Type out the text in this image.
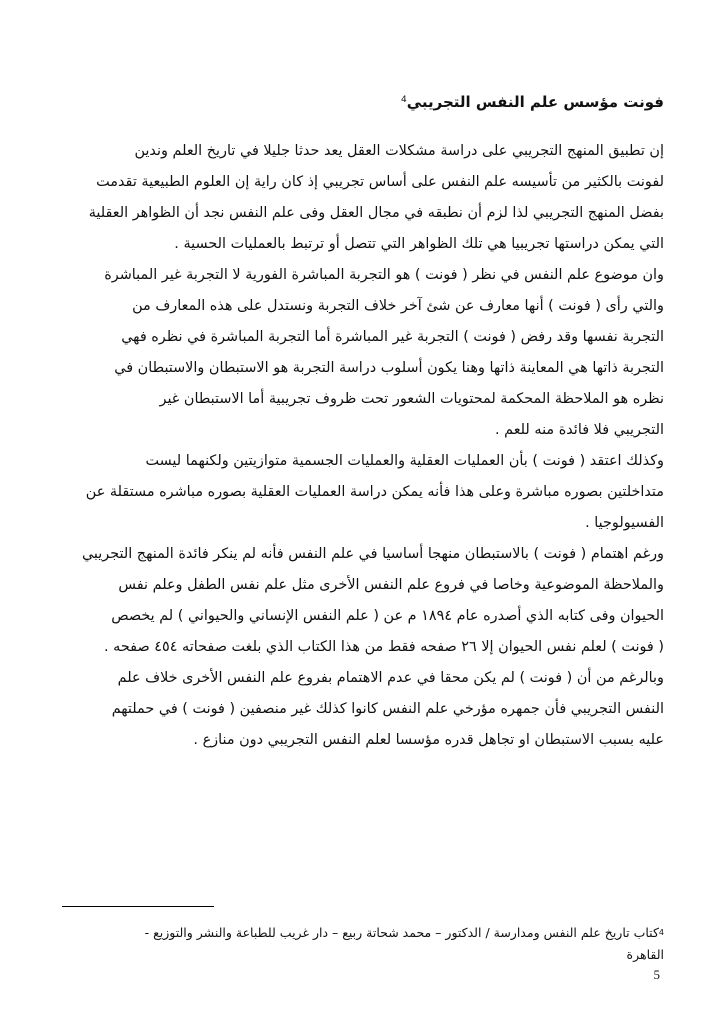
فونت مؤسس علم النفس التجريبي$^4$
إن تطبيق المنهج التجريبي على دراسة مشكلات العقل يعد حدثا جليلا في تاريخ العلم وندين
لفونت بالكثير من تأسيسه علم النفس على أساس تجريبي إذ كان راية إن العلوم الطبيعية تقدمت
بفضل المنهج التجريبي لذا لزم أن نطبقه في مجال العقل وفى علم النفس نجد أن الظواهر العقلية
التي يمكن دراستها تجريبيا هي تلك الظواهر التي تتصل أو ترتبط بالعمليات الحسية .
وان موضوع علم النفس في نظر ( فونت ) هو التجربة المباشرة الفورية لا التجربة غير المباشرة
والتي رأى ( فونت ) أنها معارف عن شئ آخر خلاف التجربة ونستدل على هذه المعارف من
التجربة نفسها وقد رفض ( فونت ) التجربة غير المباشرة أما التجربة المباشرة في نظره فهي
التجربة ذاتها هي المعاينة ذاتها وهنا يكون أسلوب دراسة التجربة هو الاستبطان والاستبطان في
نظره هو الملاحظة المحكمة لمحتويات الشعور تحت ظروف تجريبية أما الاستبطان غير
التجريبي فلا فائدة منه للعم .
وكذلك اعتقد ( فونت ) بأن العمليات العقلية والعمليات الجسمية متوازيتين ولكنهما ليست
متداخلتين بصوره مباشرة وعلى هذا فأنه يمكن دراسة العمليات العقلية بصوره مباشره مستقلة عن
الفسيولوجيا .
ورغم اهتمام ( فونت ) بالاستبطان منهجا أساسيا في علم النفس فأنه لم ينكر فائدة المنهج التجريبي
والملاحظة الموضوعية وخاصا في فروع علم النفس الأخرى مثل علم نفس الطفل وعلم نفس
الحيوان وفى كتابه الذي أصدره عام ١٨٩٤ م عن ( علم النفس الإنساني والحيواني ) لم يخصص
( فونت ) لعلم نفس الحيوان إلا ٢٦ صفحه فقط من هذا الكتاب الذي بلغت صفحاته ٤٥٤ صفحه .
وبالرغم من أن ( فونت ) لم يكن محقا في عدم الاهتمام بفروع علم النفس الأخرى خلاف علم
النفس التجريبي فأن جمهره مؤرخي علم النفس كانوا كذلك غير منصفين ( فونت ) في حملتهم
عليه بسبب الاستبطان او تجاهل قدره مؤسسا لعلم النفس التجريبي دون منازع .
$^4$كتاب تاريخ علم النفس ومدارسة / الدكتور – محمد شحاتة ربيع – دار غريب للطباعة والنشر والتوزيع -
القاهرة
5
